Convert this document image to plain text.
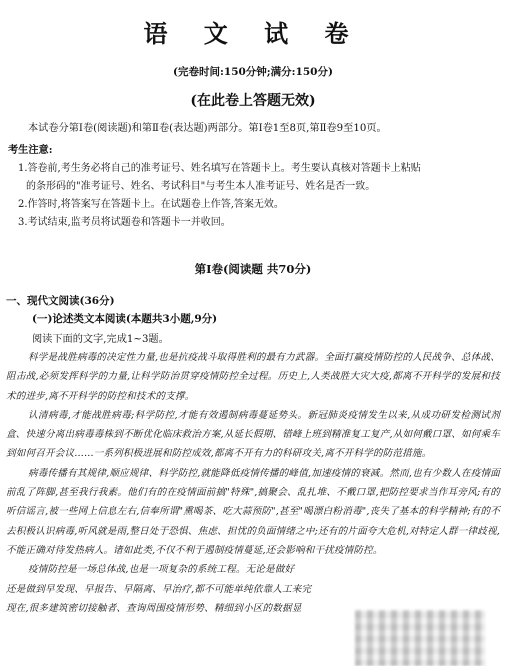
语 文 试 卷
(完卷时间:150分钟;满分:150分)
(在此卷上答题无效)
本试卷分第Ⅰ卷(阅读题)和第Ⅱ卷(表达题)两部分。第Ⅰ卷1至8页,第Ⅱ卷9至10页。
考生注意:
1.答卷前,考生务必将自己的准考证号、姓名填写在答题卡上。考生要认真核对答题卡上粘贴
的条形码的"准考证号、姓名、考试科目"与考生本人准考证号、姓名是否一致。
2.作答时,将答案写在答题卡上。在试题卷上作答,答案无效。
3.考试结束,监考员将试题卷和答题卡一并收回。
第Ⅰ卷(阅读题 共70分)
一、现代文阅读(36分)
(一)论述类文本阅读(本题共3小题,9分)
阅读下面的文字,完成1~3题。

科学是战胜病毒的决定性力量,也是抗疫战斗取得胜利的最有力武器。全面打赢疫情防控的人民战争、总体战、阻击战,必须发挥科学的力量,让科学防治贯穿疫情防控全过程。历史上,人类战胜大灾大疫,都离不开科学的发展和技术的进步,离不开科学的防控和技术的支撑。

认清病毒,才能战胜病毒;科学防控,才能有效遏制病毒蔓延势头。新冠肺炎疫情发生以来,从成功研发检测试剂盒、快速分离出病毒毒株到不断优化临床救治方案,从延长假期、错峰上班到精准复工复产,从如何戴口罩、如何乘车到如何召开会议……一系列积极进展和防控成效,都离不开有力的科研攻关,离不开科学的防范措施。

病毒传播有其规律,顺应规律、科学防控,就能降低疫情传播的峰值,加速疫情的衰减。然而,也有少数人在疫情面前乱了阵脚,甚至我行我素。他们有的在疫情面前搞"特殊",搞聚会、乱扎堆、不戴口罩,把防控要求当作耳旁风;有的听信谣言,被一些网上信息左右,信奉所谓"熏喝茶、吃大蒜预防",甚至"喝漂白粉消毒",丧失了基本的科学精神;有的不去积极认识病毒,听风就是雨,整日处于恐惧、焦虑、担忧的负面情绪之中;还有的片面夸大危机,对特定人群一律歧视,不能正确对待发热病人。诸如此类,不仅不利于遏制疫情蔓延,还会影响和干扰疫情防控。

疫情防控是一场总体战,也是一项复杂的系统工程。无论是做好

还是做到早发现、早报告、早隔离、早治疗,都不可能单纯依靠人工来完

现在,很多建筑密切接触者、查询周围疫情形势、精细到小区的数据显
